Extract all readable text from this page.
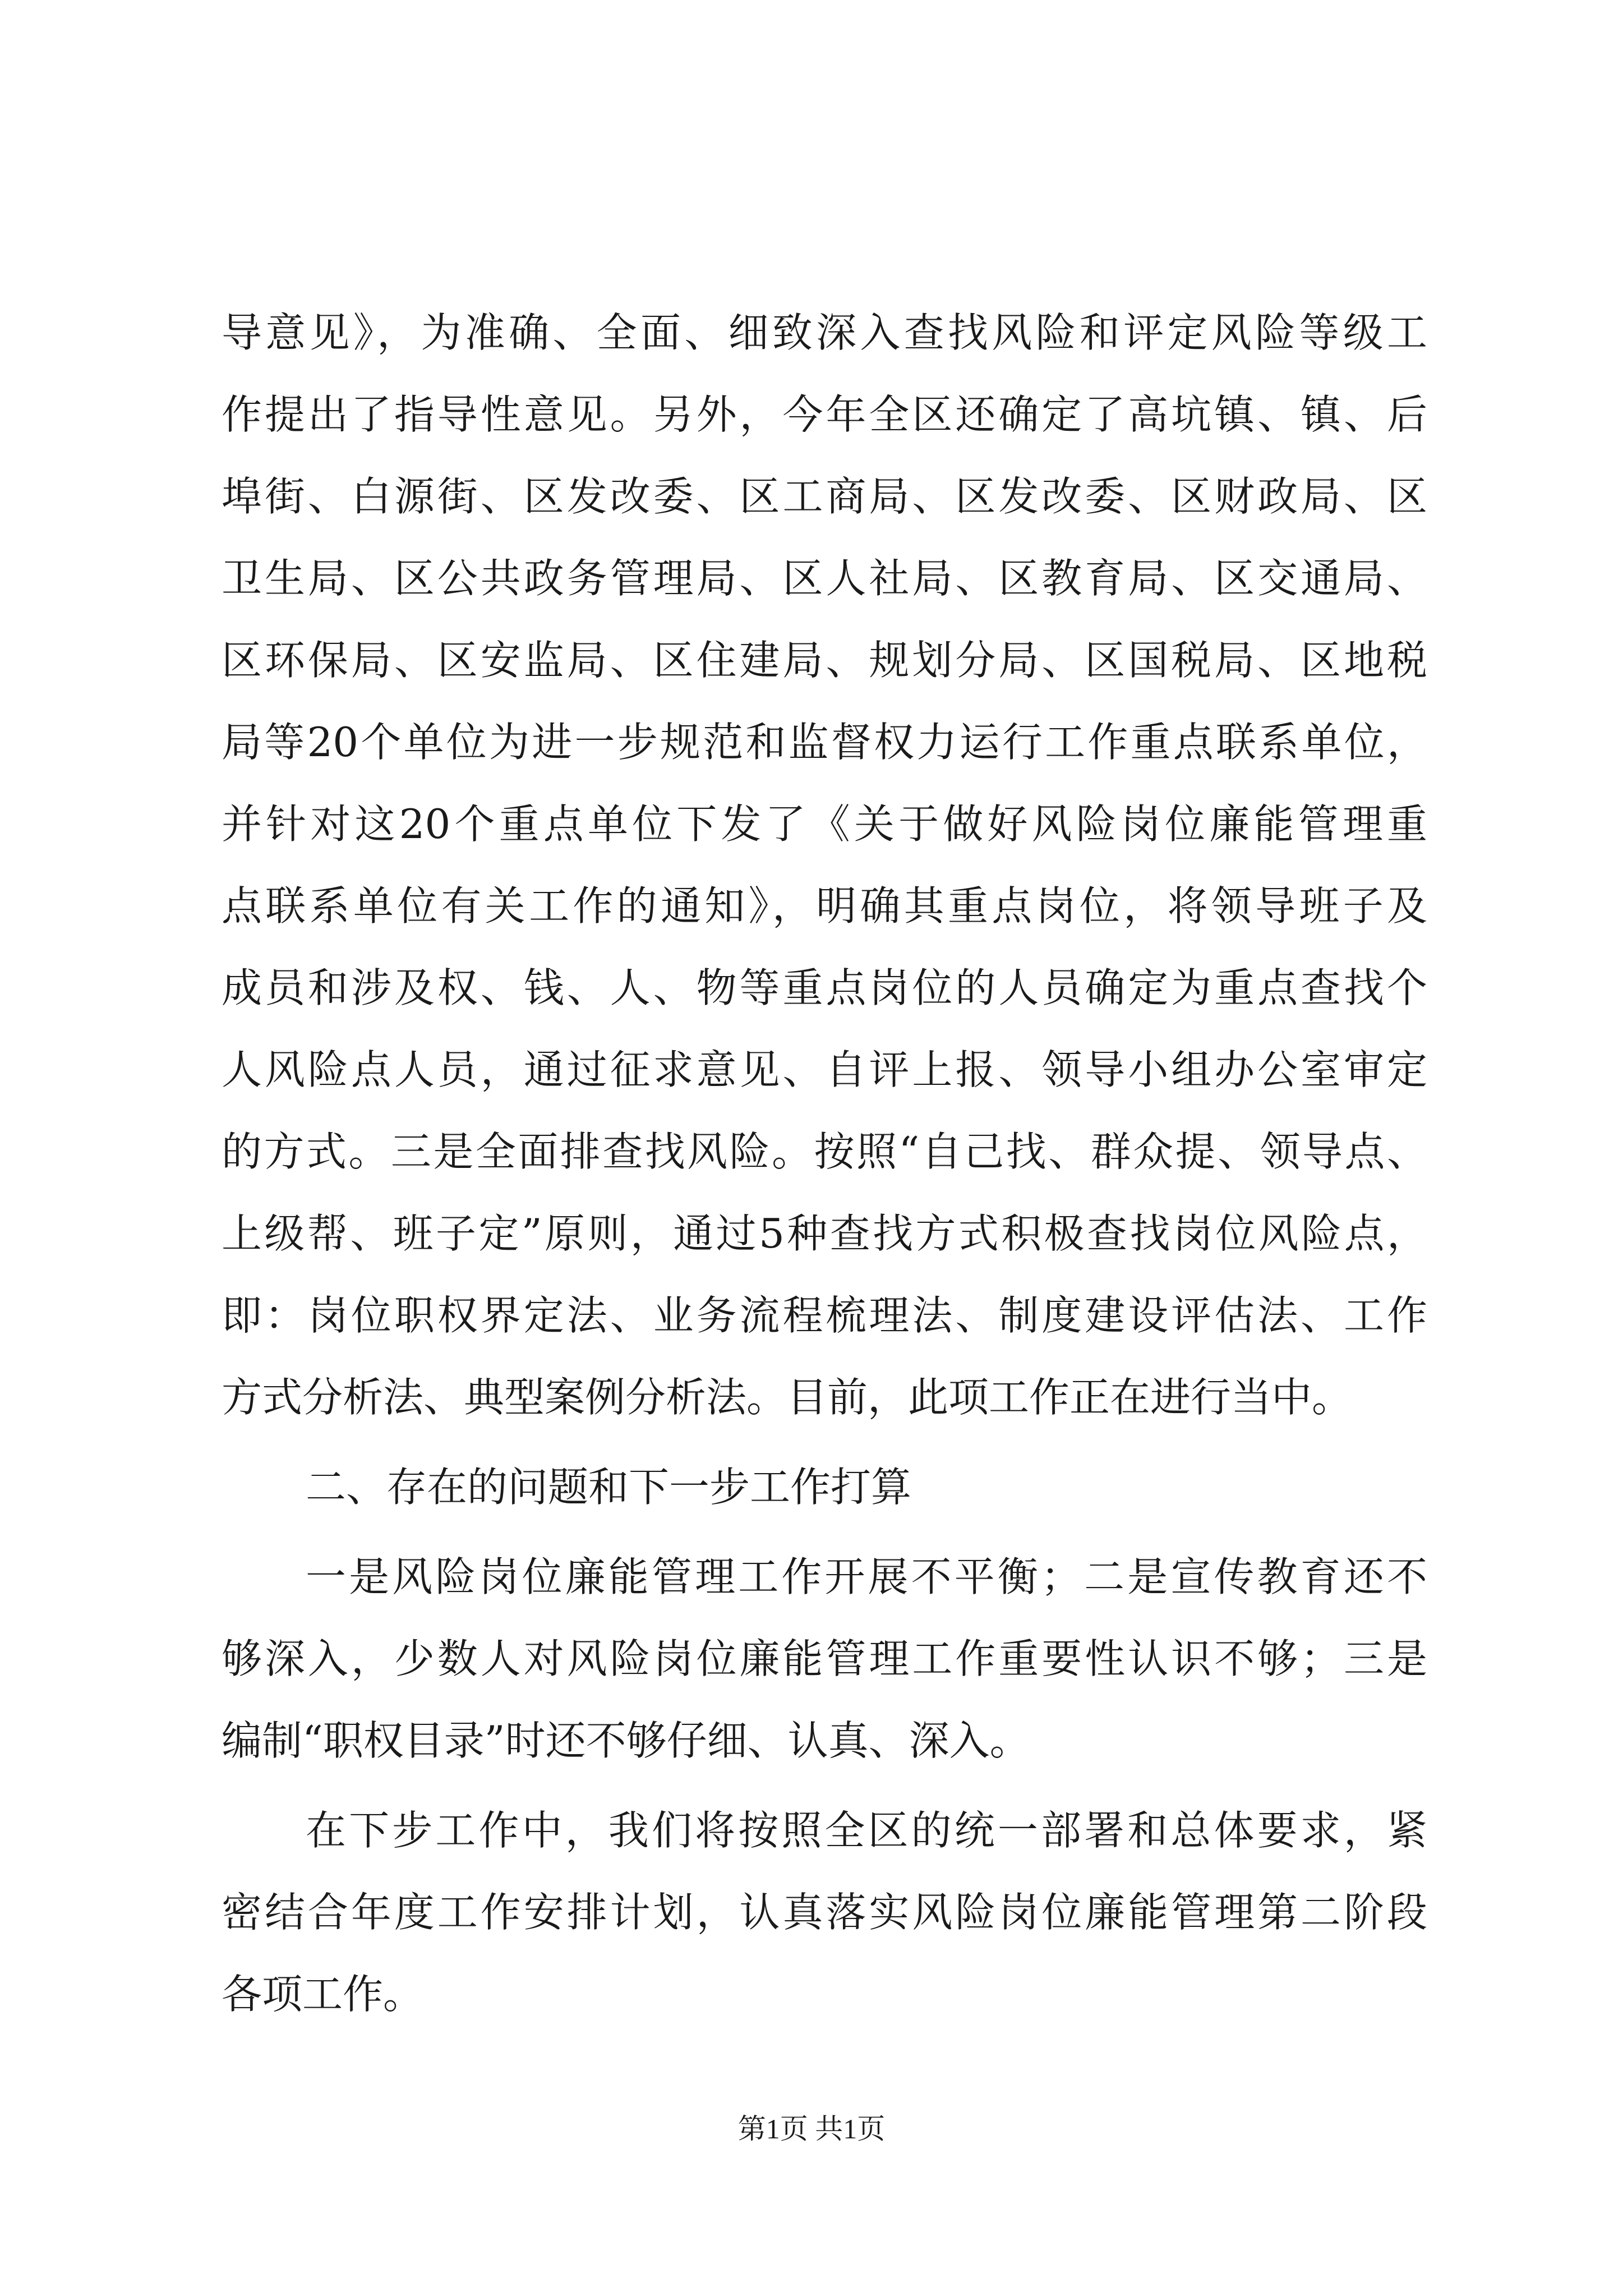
导意见》，为准确、全面、细致深入查找风险和评定风险等级工
作提出了指导性意见。另外，今年全区还确定了高坑镇、镇、后
埠街、白源街、区发改委、区工商局、区发改委、区财政局、区
卫生局、区公共政务管理局、区人社局、区教育局、区交通局、
区环保局、区安监局、区住建局、规划分局、区国税局、区地税
局等20个单位为进一步规范和监督权力运行工作重点联系单位，
并针对这20个重点单位下发了《关于做好风险岗位廉能管理重
点联系单位有关工作的通知》，明确其重点岗位，将领导班子及
成员和涉及权、钱、人、物等重点岗位的人员确定为重点查找个
人风险点人员，通过征求意见、自评上报、领导小组办公室审定
的方式。三是全面排查找风险。按照“自己找、群众提、领导点、
上级帮、班子定”原则，通过5种查找方式积极查找岗位风险点，
即：岗位职权界定法、业务流程梳理法、制度建设评估法、工作
方式分析法、典型案例分析法。目前，此项工作正在进行当中。
二、存在的问题和下一步工作打算
一是风险岗位廉能管理工作开展不平衡；二是宣传教育还不
够深入，少数人对风险岗位廉能管理工作重要性认识不够；三是
编制“职权目录”时还不够仔细、认真、深入。
在下步工作中，我们将按照全区的统一部署和总体要求，紧
密结合年度工作安排计划，认真落实风险岗位廉能管理第二阶段
各项工作。
第1页 共1页
